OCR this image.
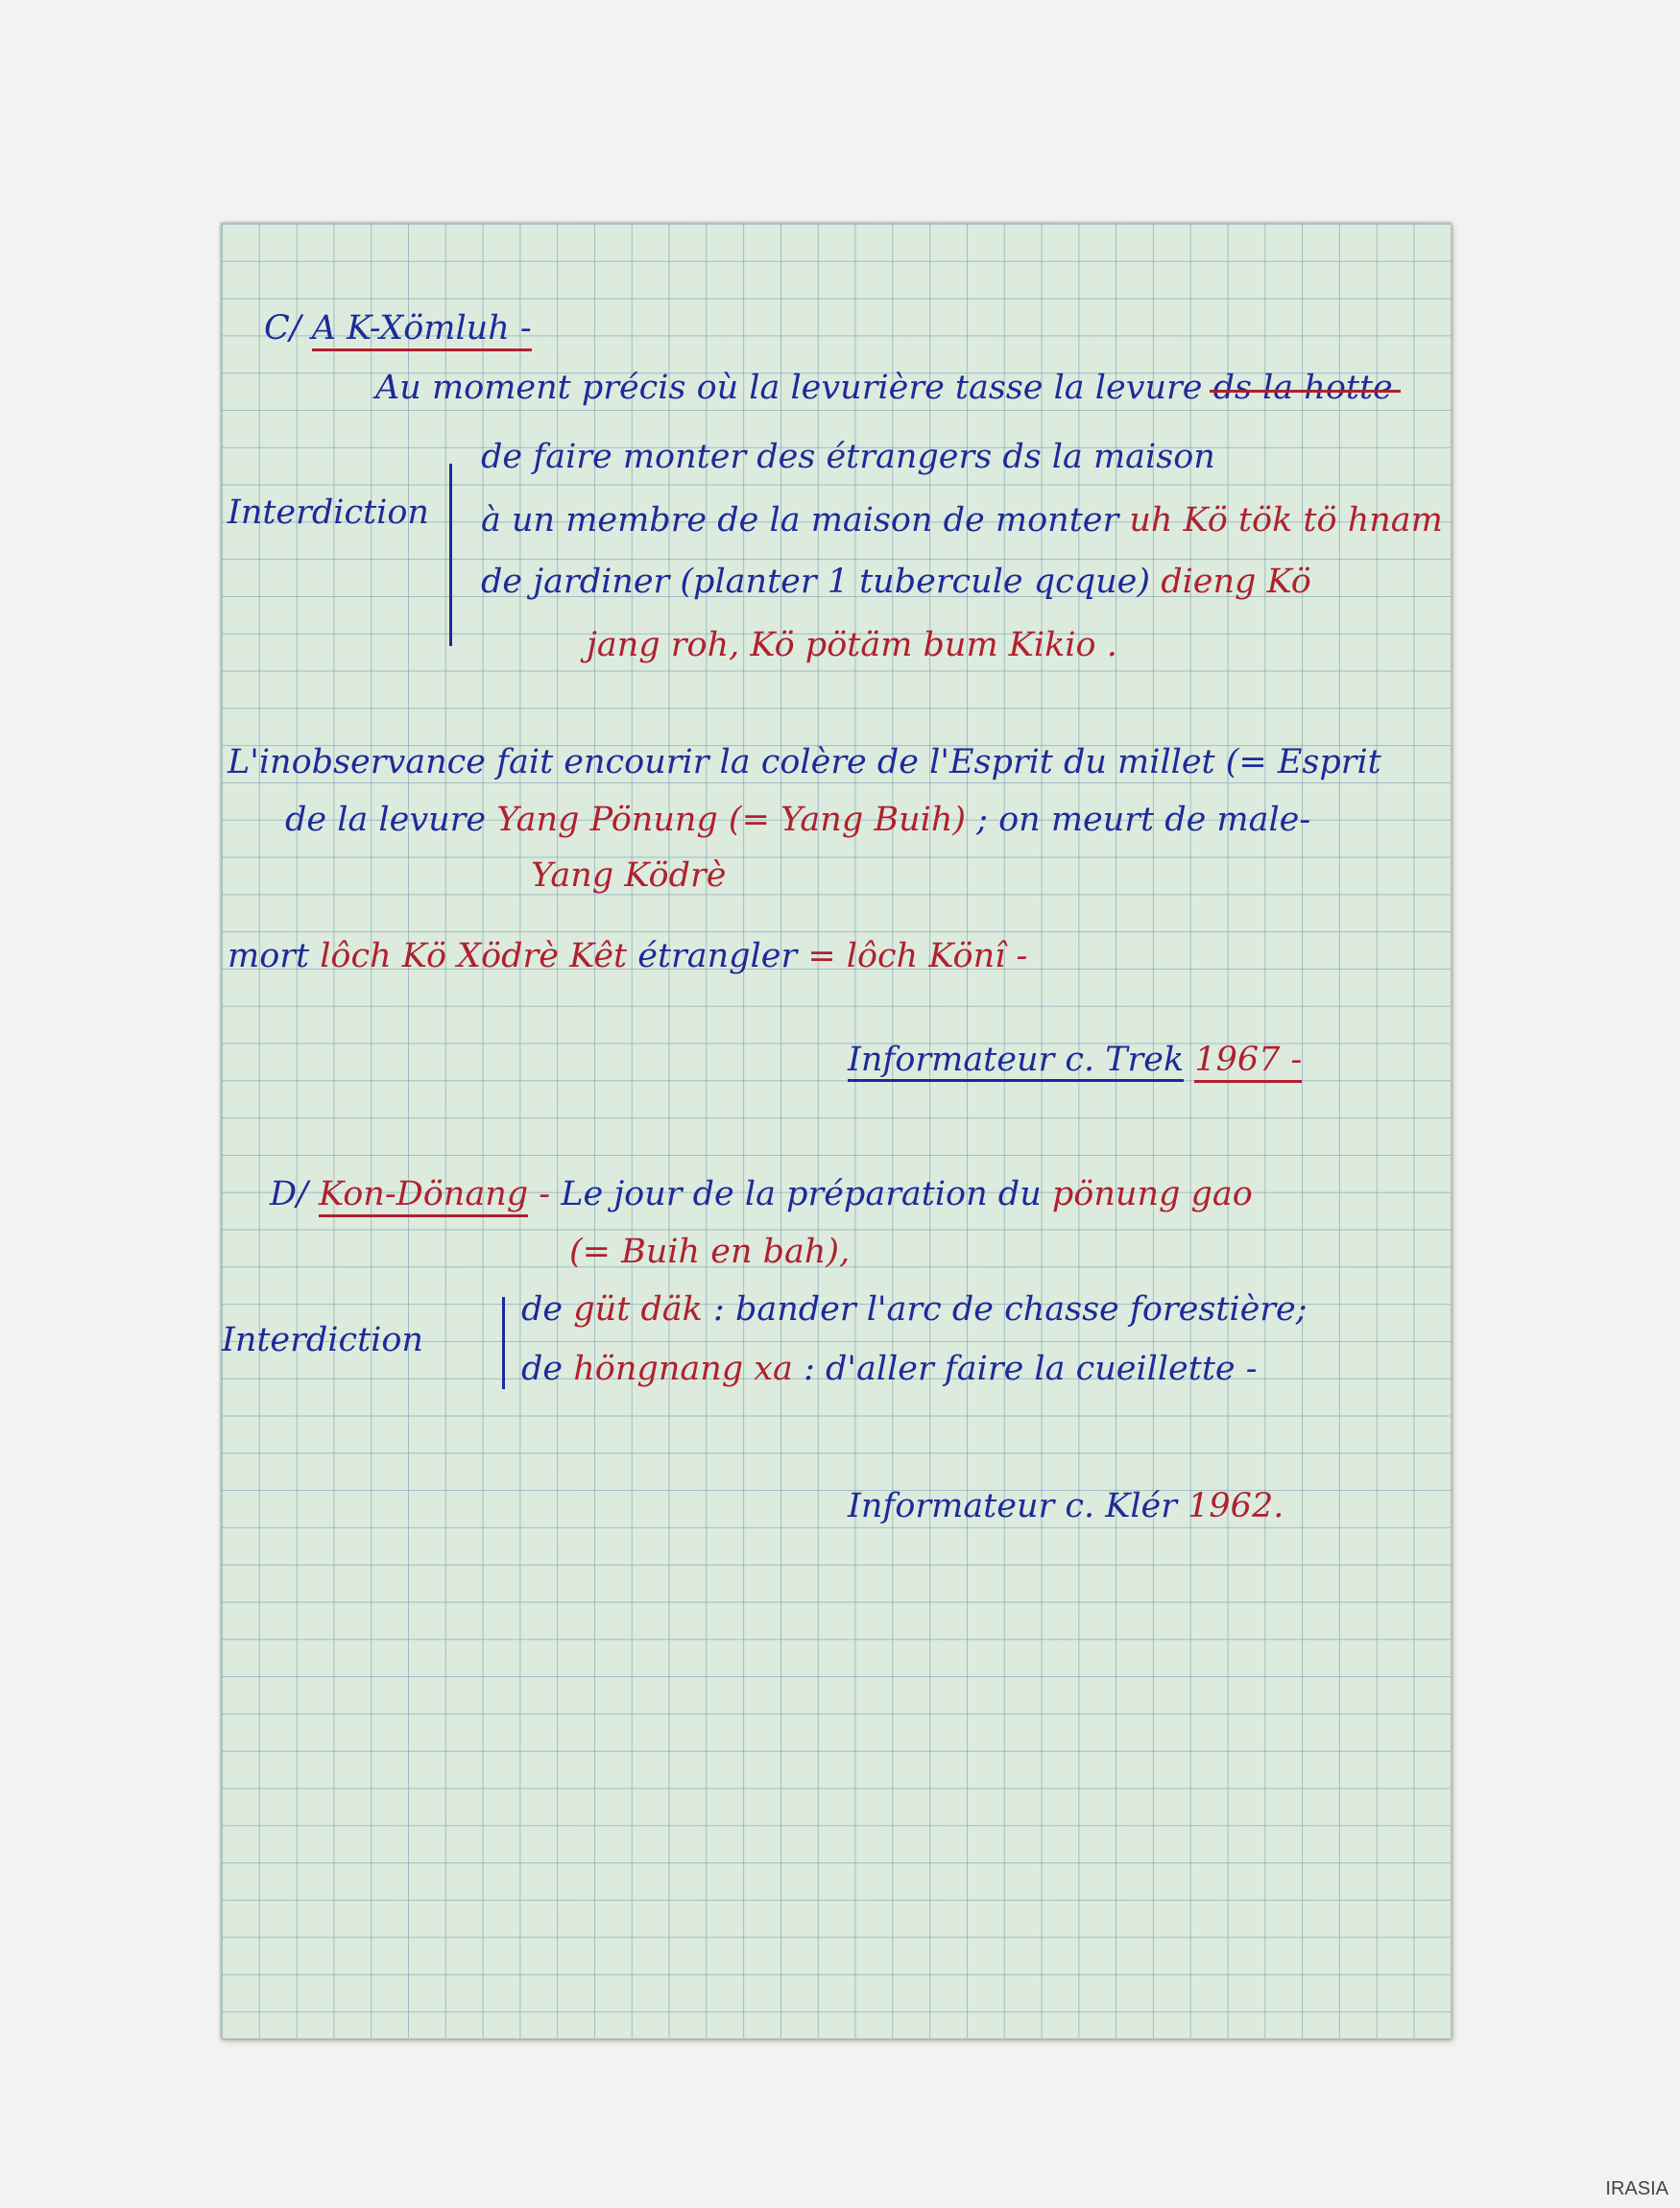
C/ A K-Xömluh -
Au moment précis où la levurière tasse la levure ds la hotte
Interdiction
de faire monter des étrangers ds la maison
à un membre de la maison de monter uh Kö tök tö hnam
de jardiner (planter 1 tubercule qcque) dieng Kö
jang roh, Kö pötäm bum Kikio .
L'inobservance fait encourir la colère de l'Esprit du millet (= Esprit
de la levure Yang Pönung (= Yang Buih) ; on meurt de male-
Yang Ködrè
mort lôch Kö Xödrè Kêt étrangler = lôch Könî -
Informateur c. Trek 1967 -
D/ Kon-Dönang - Le jour de la préparation du pönung gao
(= Buih en bah),
Interdiction
de güt däk : bander l'arc de chasse forestière;
de höngnang xa : d'aller faire la cueillette -
Informateur c. Klér 1962.
IRASIA
